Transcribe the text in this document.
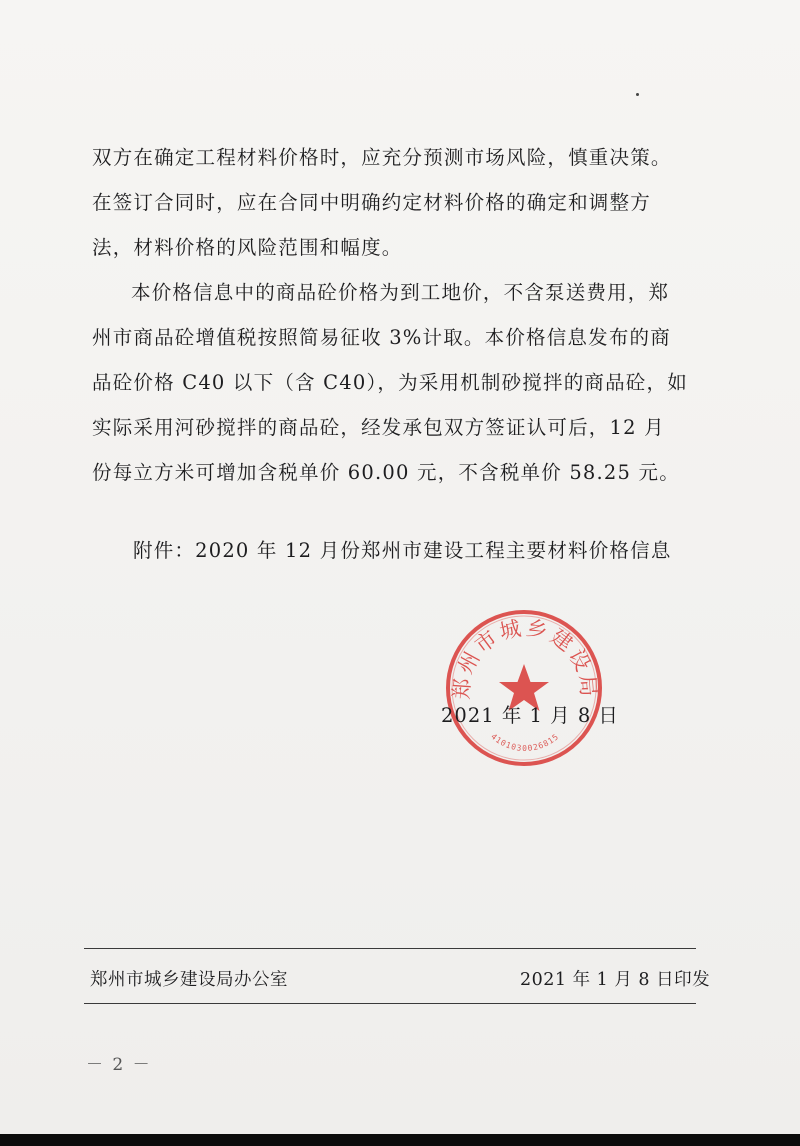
双方在确定工程材料价格时，应充分预测市场风险，慎重决策。
在签订合同时，应在合同中明确约定材料价格的确定和调整方
法，材料价格的风险范围和幅度。
本价格信息中的商品砼价格为到工地价，不含泵送费用，郑
州市商品砼增值税按照简易征收 3%计取。本价格信息发布的商
品砼价格 C40 以下（含 C40），为采用机制砂搅拌的商品砼，如
实际采用河砂搅拌的商品砼，经发承包双方签证认可后，12 月
份每立方米可增加含税单价 60.00 元，不含税单价 58.25 元。
附件：2020 年 12 月份郑州市建设工程主要材料价格信息
郑州市城乡建设局
4101030026815
2021 年 1 月 8 日
郑州市城乡建设局办公室	2021 年 1 月 8 日印发
－ 2 －
